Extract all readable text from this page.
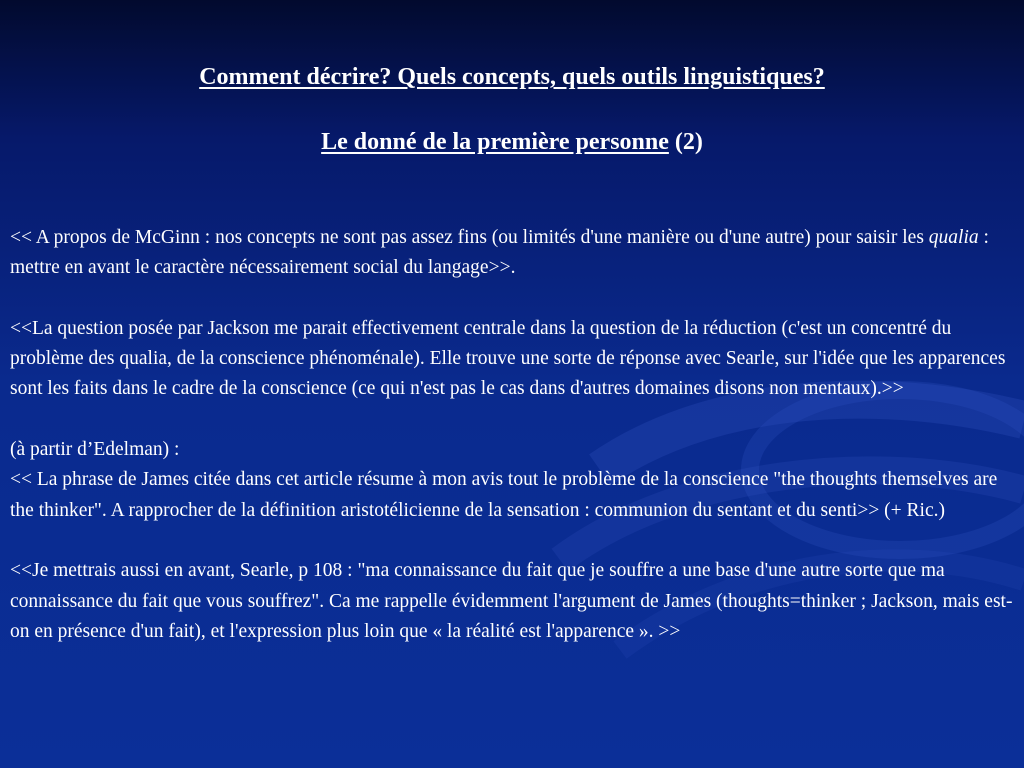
Comment décrire? Quels concepts, quels outils linguistiques?
Le donné de la première personne (2)

<< A propos de McGinn : nos concepts ne sont pas assez fins (ou limités d'une manière ou d'une autre) pour saisir les qualia : mettre en avant le caractère nécessairement social du langage>>.

<<La question posée par Jackson me parait effectivement centrale dans la question de la réduction (c'est un concentré du problème des qualia, de la conscience phénoménale). Elle trouve une sorte de réponse avec Searle, sur l'idée que les apparences sont les faits dans le cadre de la conscience (ce qui n'est pas le cas dans d'autres domaines disons non mentaux).>>

(à partir d’Edelman) :

<< La phrase de James citée dans cet article résume à mon avis tout le problème de la conscience "the thoughts themselves are the thinker". A rapprocher de la définition aristotélicienne de la sensation : communion du sentant et du senti>> (+ Ric.)

<<Je mettrais aussi en avant, Searle, p 108 : "ma connaissance du fait que je souffre a une base d'une autre sorte que ma connaissance du fait que vous souffrez". Ca me rappelle évidemment l'argument de James (thoughts=thinker ; Jackson, mais est-on en présence d'un fait), et l'expression plus loin que « la réalité est l'apparence ». >>
